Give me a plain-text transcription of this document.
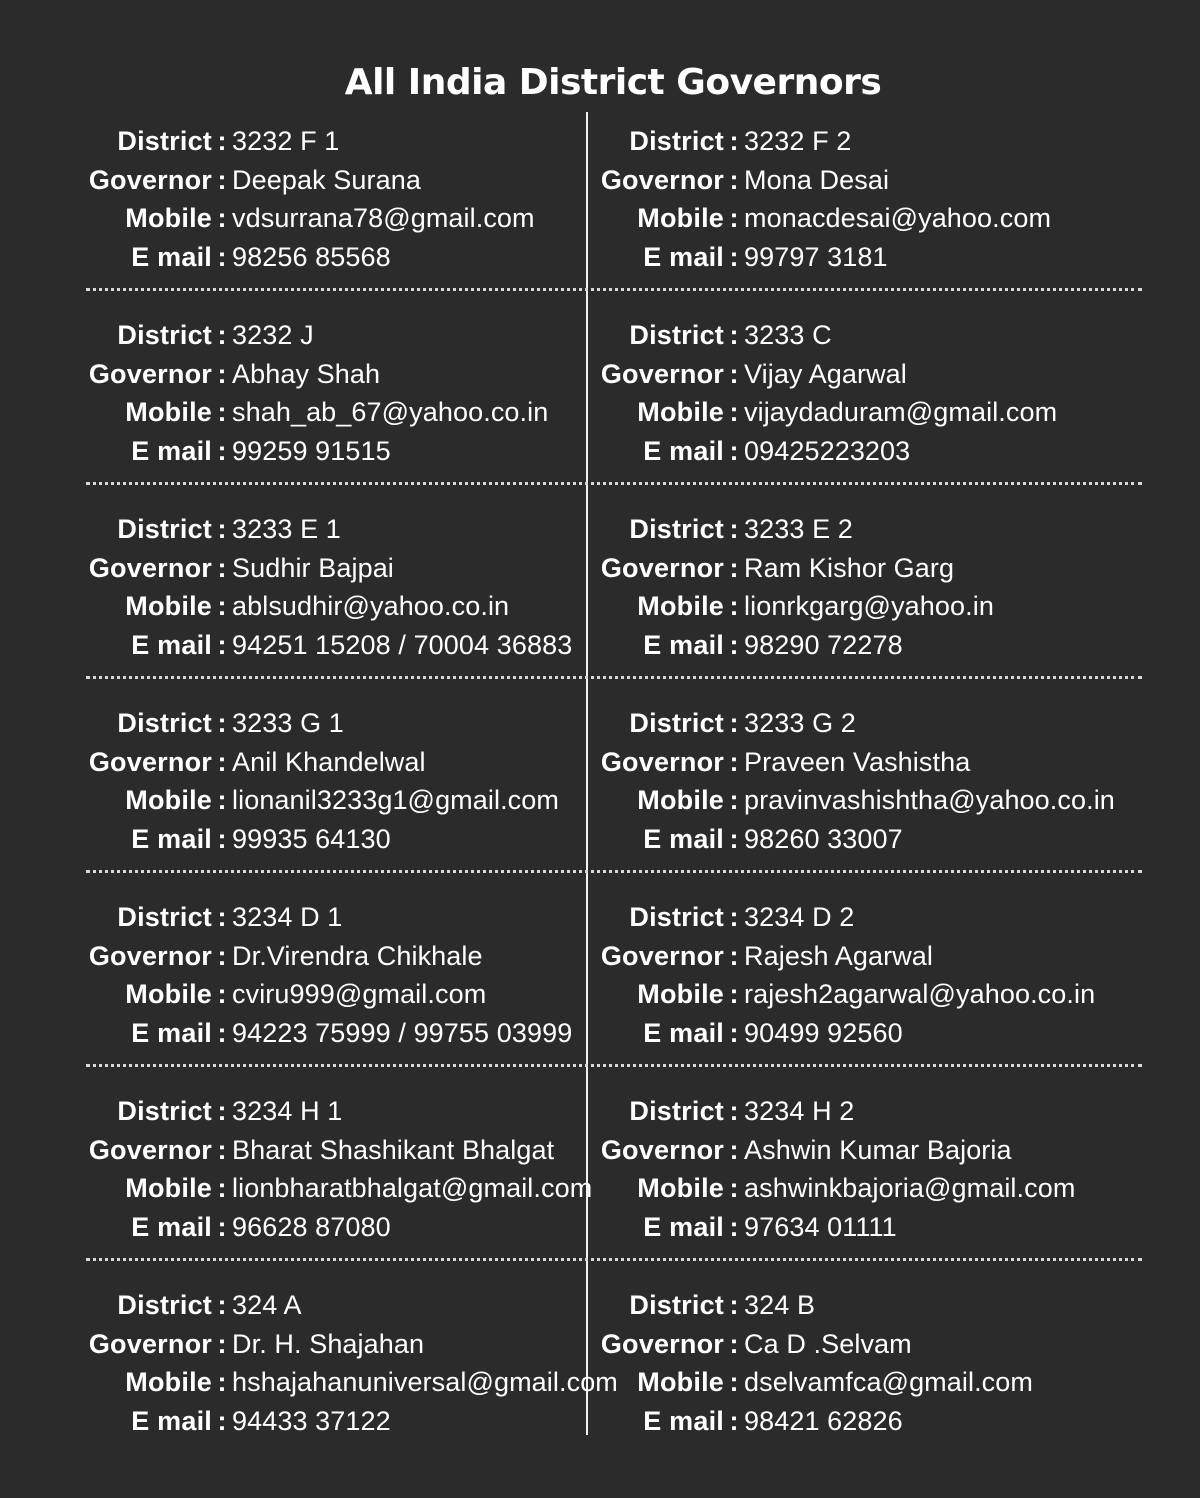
All India District Governors
District : 3232 F 1
Governor : Deepak Surana
Mobile : vdsurrana78@gmail.com
E mail : 98256 85568
District : 3232 F 2
Governor : Mona Desai
Mobile : monacdesai@yahoo.com
E mail : 99797 3181
District : 3232 J
Governor : Abhay Shah
Mobile : shah_ab_67@yahoo.co.in
E mail : 99259 91515
District : 3233 C
Governor : Vijay Agarwal
Mobile : vijaydaduram@gmail.com
E mail : 09425223203
District : 3233 E 1
Governor : Sudhir Bajpai
Mobile : ablsudhir@yahoo.co.in
E mail : 94251 15208 / 70004 36883
District : 3233 E 2
Governor : Ram Kishor Garg
Mobile : lionrkgarg@yahoo.in
E mail : 98290 72278
District : 3233 G 1
Governor : Anil Khandelwal
Mobile : lionanil3233g1@gmail.com
E mail : 99935 64130
District : 3233 G 2
Governor : Praveen Vashistha
Mobile : pravinvashishtha@yahoo.co.in
E mail : 98260 33007
District : 3234 D 1
Governor : Dr.Virendra Chikhale
Mobile : cviru999@gmail.com
E mail : 94223 75999 / 99755 03999
District : 3234 D 2
Governor : Rajesh Agarwal
Mobile : rajesh2agarwal@yahoo.co.in
E mail : 90499 92560
District : 3234 H 1
Governor : Bharat Shashikant Bhalgat
Mobile : lionbharatbhalgat@gmail.com
E mail : 96628 87080
District : 3234 H 2
Governor : Ashwin Kumar Bajoria
Mobile : ashwinkbajoria@gmail.com
E mail : 97634 01111
District : 324 A
Governor : Dr. H. Shajahan
Mobile : hshajahanuniversal@gmail.com
E mail : 94433 37122
District : 324 B
Governor : Ca D .Selvam
Mobile : dselvamfca@gmail.com
E mail : 98421 62826
